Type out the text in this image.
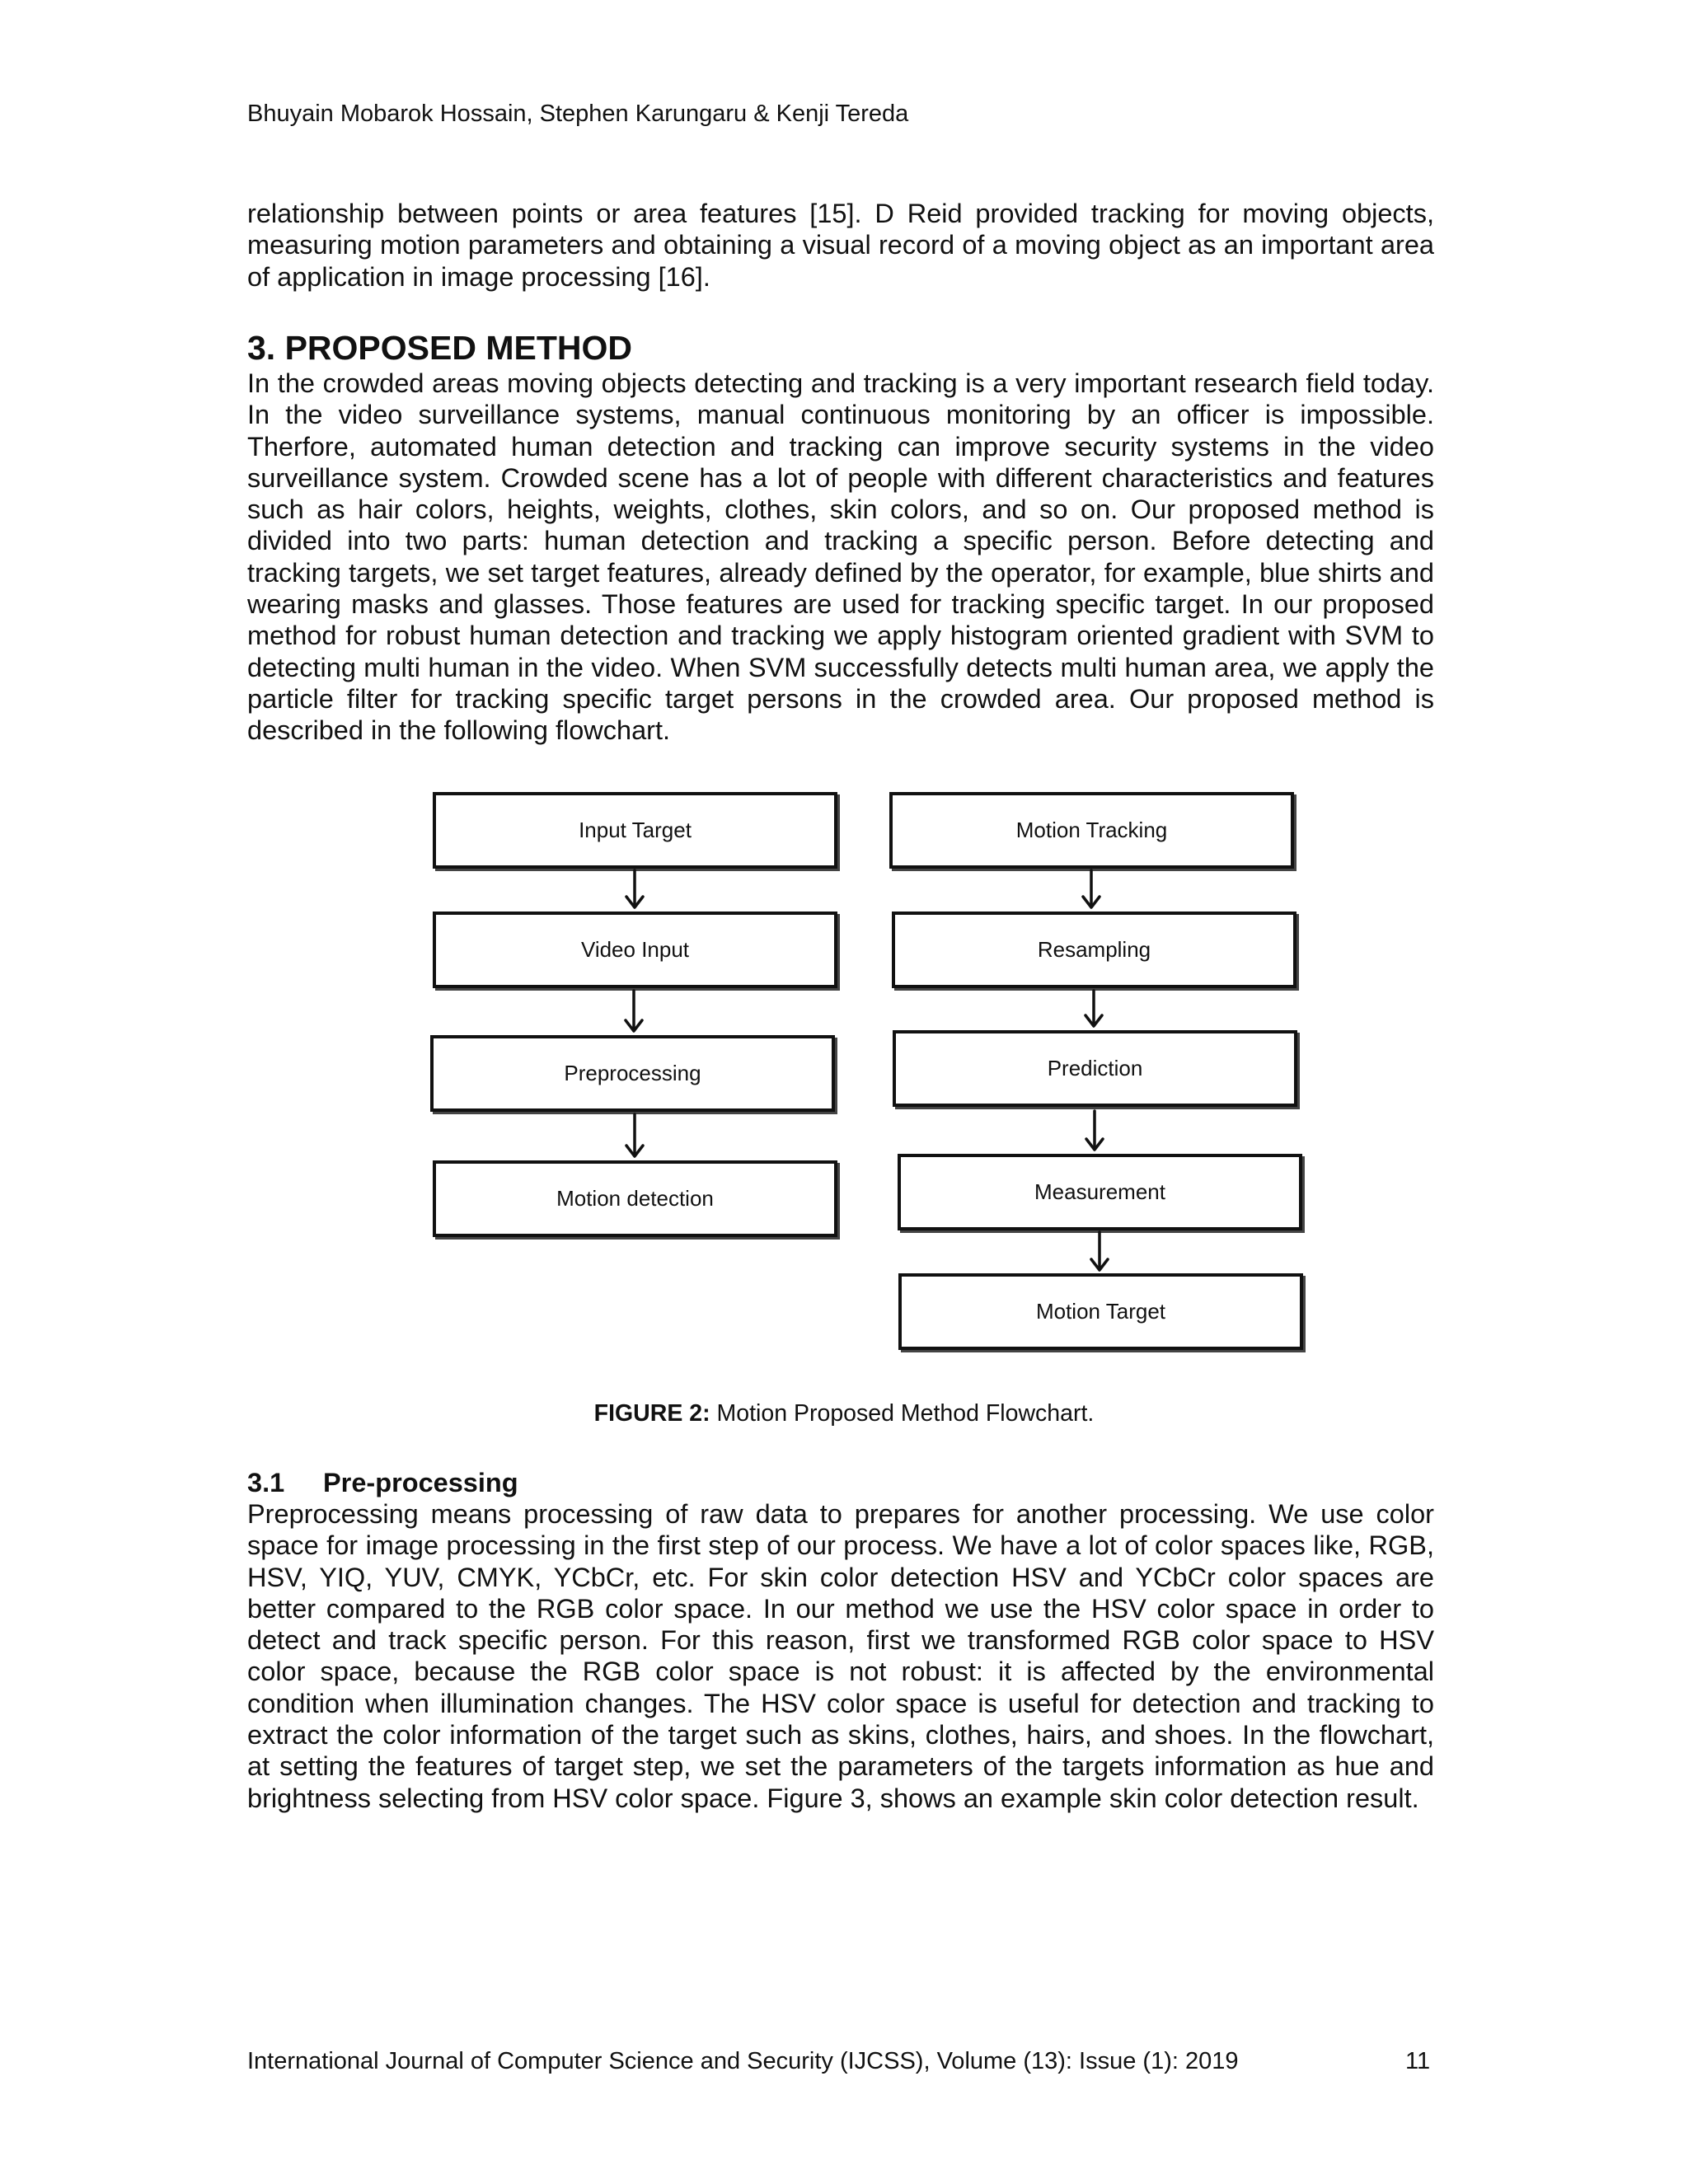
Bhuyain Mobarok Hossain, Stephen Karungaru & Kenji Tereda

relationship between points or area features [15]. D Reid provided tracking for moving objects, measuring motion parameters and obtaining a visual record of a moving object as an important area of application in image processing [16].

3. PROPOSED METHOD

In the crowded areas moving objects detecting and tracking is a very important research field today. In the video surveillance systems, manual continuous monitoring by an officer is impossible. Therfore, automated human detection and tracking can improve security systems in the video surveillance system. Crowded scene has a lot of people with different characteristics and features such as hair colors, heights, weights, clothes, skin colors, and so on. Our proposed method is divided into two parts: human detection and tracking a specific person. Before detecting and tracking targets, we set target features, already defined by the operator, for example, blue shirts and wearing masks and glasses. Those features are used for tracking specific target. In our proposed method for robust human detection and tracking we apply histogram oriented gradient with SVM to detecting multi human in the video. When SVM successfully detects multi human area, we apply the particle filter for tracking specific target persons in the crowded area. Our proposed method is described in the following flowchart.

Input Target
Video Input
Preprocessing
Motion detection
Motion Tracking
Resampling
Prediction
Measurement
Motion Target
FIGURE 2: Motion Proposed Method Flowchart.
3.1 Pre-processing

Preprocessing means processing of raw data to prepares for another processing. We use color space for image processing in the first step of our process. We have a lot of color spaces like, RGB, HSV, YIQ, YUV, CMYK, YCbCr, etc. For skin color detection HSV and YCbCr color spaces are better compared to the RGB color space. In our method we use the HSV color space in order to detect and track specific person. For this reason, first we transformed RGB color space to HSV color space, because the RGB color space is not robust: it is affected by the environmental condition when illumination changes. The HSV color space is useful for detection and tracking to extract the color information of the target such as skins, clothes, hairs, and shoes. In the flowchart, at setting the features of target step, we set the parameters of the targets information as hue and brightness selecting from HSV color space. Figure 3, shows an example skin color detection result.

International Journal of Computer Science and Security (IJCSS), Volume (13): Issue (1): 2019	11
